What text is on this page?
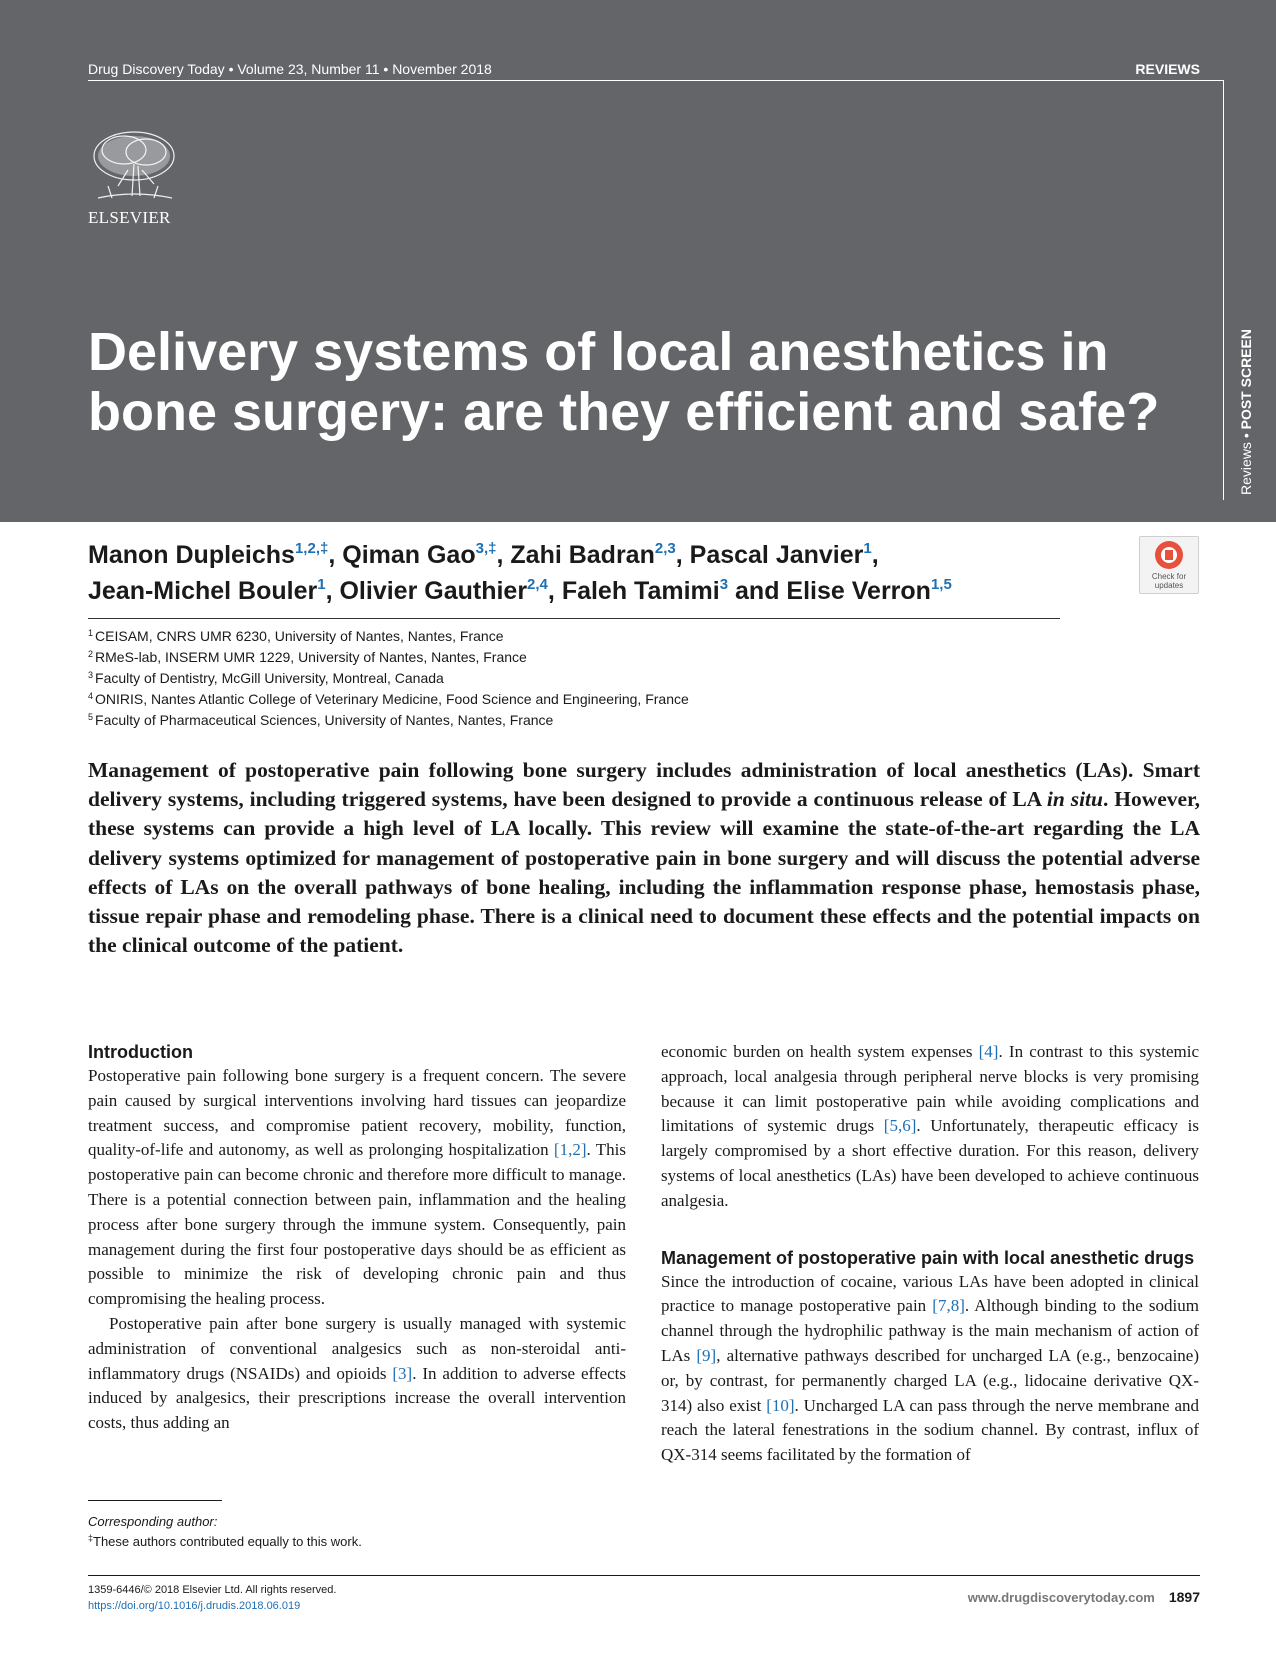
Drug Discovery Today • Volume 23, Number 11 • November 2018	REVIEWS
ELSEVIER
Reviews • POST SCREEN
Delivery systems of local anesthetics in bone surgery: are they efficient and safe?
Manon Dupleichs$^{1,2,\ddagger}$, Qiman Gao$^{3,\ddagger}$, Zahi Badran$^{2,3}$, Pascal Janvier$^1$,
Jean-Michel Bouler$^1$, Olivier Gauthier$^{2,4}$, Faleh Tamimi$^3$ and Elise Verron$^{1,5}$	Check for updates
$^1$ CEISAM, CNRS UMR 6230, University of Nantes, Nantes, France
$^2$ RMeS-lab, INSERM UMR 1229, University of Nantes, Nantes, France
$^3$ Faculty of Dentistry, McGill University, Montreal, Canada
$^4$ ONIRIS, Nantes Atlantic College of Veterinary Medicine, Food Science and Engineering, France
$^5$ Faculty of Pharmaceutical Sciences, University of Nantes, Nantes, France
Management of postoperative pain following bone surgery includes administration of local anesthetics (LAs). Smart delivery systems, including triggered systems, have been designed to provide a continuous release of LA in situ. However, these systems can provide a high level of LA locally. This review will examine the state-of-the-art regarding the LA delivery systems optimized for management of postoperative pain in bone surgery and will discuss the potential adverse effects of LAs on the overall pathways of bone healing, including the inflammation response phase, hemostasis phase, tissue repair phase and remodeling phase. There is a clinical need to document these effects and the potential impacts on the clinical outcome of the patient.
Introduction

Postoperative pain following bone surgery is a frequent concern. The severe pain caused by surgical interventions involving hard tissues can jeopardize treatment success, and compromise patient recovery, mobility, function, quality-of-life and autonomy, as well as prolonging hospitalization [1,2]. This postoperative pain can become chronic and therefore more difficult to manage. There is a potential connection between pain, inflammation and the healing process after bone surgery through the immune system. Consequently, pain management during the first four postoperative days should be as efficient as possible to minimize the risk of developing chronic pain and thus compromising the healing process.

Postoperative pain after bone surgery is usually managed with systemic administration of conventional analgesics such as non-steroidal anti-inflammatory drugs (NSAIDs) and opioids [3]. In addition to adverse effects induced by analgesics, their prescriptions increase the overall intervention costs, thus adding an

economic burden on health system expenses [4]. In contrast to this systemic approach, local analgesia through peripheral nerve blocks is very promising because it can limit postoperative pain while avoiding complications and limitations of systemic drugs [5,6]. Unfortunately, therapeutic efficacy is largely compromised by a short effective duration. For this reason, delivery systems of local anesthetics (LAs) have been developed to achieve continuous analgesia.

Management of postoperative pain with local anesthetic drugs

Since the introduction of cocaine, various LAs have been adopted in clinical practice to manage postoperative pain [7,8]. Although binding to the sodium channel through the hydrophilic pathway is the main mechanism of action of LAs [9], alternative pathways described for uncharged LA (e.g., benzocaine) or, by contrast, for permanently charged LA (e.g., lidocaine derivative QX-314) also exist [10]. Uncharged LA can pass through the nerve membrane and reach the lateral fenestrations in the sodium channel. By contrast, influx of QX-314 seems facilitated by the formation of

Corresponding author:
‡These authors contributed equally to this work.
1359-6446/© 2018 Elsevier Ltd. All rights reserved.
https://doi.org/10.1016/j.drudis.2018.06.019
www.drugdiscoverytoday.com 1897
